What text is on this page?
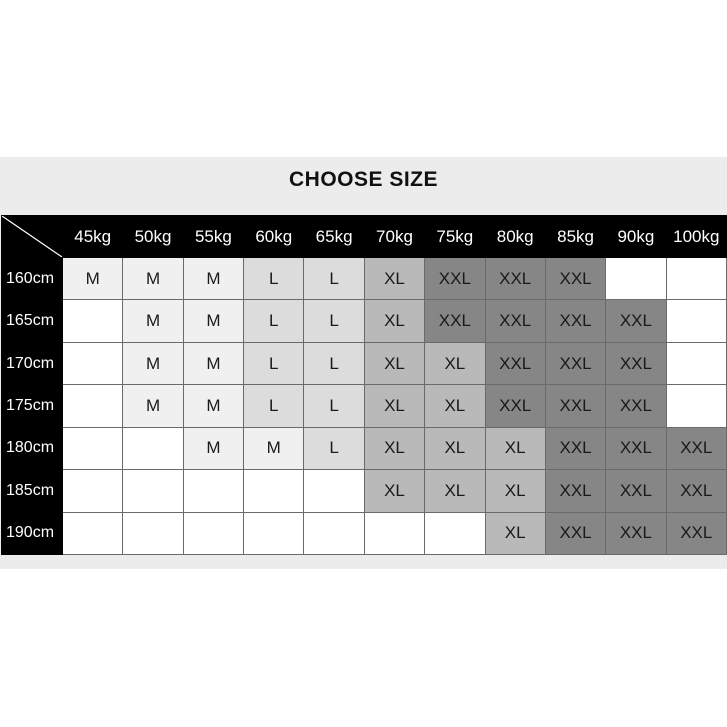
CHOOSE SIZE
	45kg	50kg	55kg	60kg	65kg	70kg	75kg	80kg	85kg	90kg	100kg
160cm	M	M	M	L	L	XL	XXL	XXL	XXL		
165cm		M	M	L	L	XL	XXL	XXL	XXL	XXL	
170cm		M	M	L	L	XL	XL	XXL	XXL	XXL	
175cm		M	M	L	L	XL	XL	XXL	XXL	XXL	
180cm			M	M	L	XL	XL	XL	XXL	XXL	XXL
185cm						XL	XL	XL	XXL	XXL	XXL
190cm								XL	XXL	XXL	XXL
